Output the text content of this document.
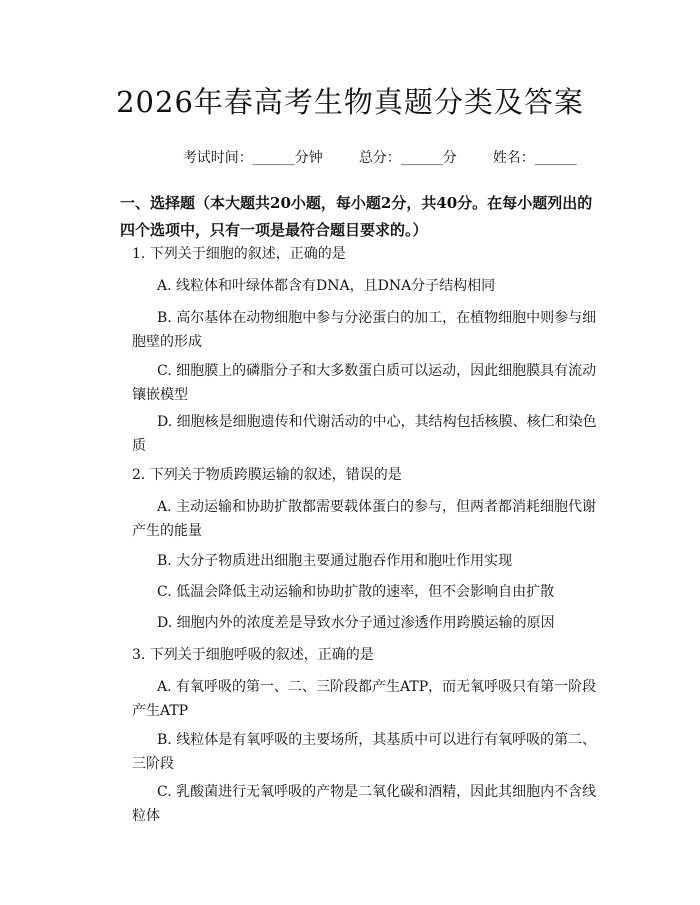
2026年春高考生物真题分类及答案

考试时间：______分钟	总分：______分	姓名：______

一、选择题（本大题共20小题，每小题2分，共40分。在每小题列出的四个选项中，只有一项是最符合题目要求的。）
1. 下列关于细胞的叙述，正确的是
A. 线粒体和叶绿体都含有DNA，且DNA分子结构相同
B. 高尔基体在动物细胞中参与分泌蛋白的加工，在植物细胞中则参与细胞壁的形成
C. 细胞膜上的磷脂分子和大多数蛋白质可以运动，因此细胞膜具有流动镶嵌模型
D. 细胞核是细胞遗传和代谢活动的中心，其结构包括核膜、核仁和染色质
2. 下列关于物质跨膜运输的叙述，错误的是
A. 主动运输和协助扩散都需要载体蛋白的参与，但两者都消耗细胞代谢产生的能量
B. 大分子物质进出细胞主要通过胞吞作用和胞吐作用实现
C. 低温会降低主动运输和协助扩散的速率，但不会影响自由扩散
D. 细胞内外的浓度差是导致水分子通过渗透作用跨膜运输的原因
3. 下列关于细胞呼吸的叙述，正确的是
A. 有氧呼吸的第一、二、三阶段都产生ATP，而无氧呼吸只有第一阶段产生ATP
B. 线粒体是有氧呼吸的主要场所，其基质中可以进行有氧呼吸的第二、三阶段
C. 乳酸菌进行无氧呼吸的产物是二氧化碳和酒精，因此其细胞内不含线粒体
